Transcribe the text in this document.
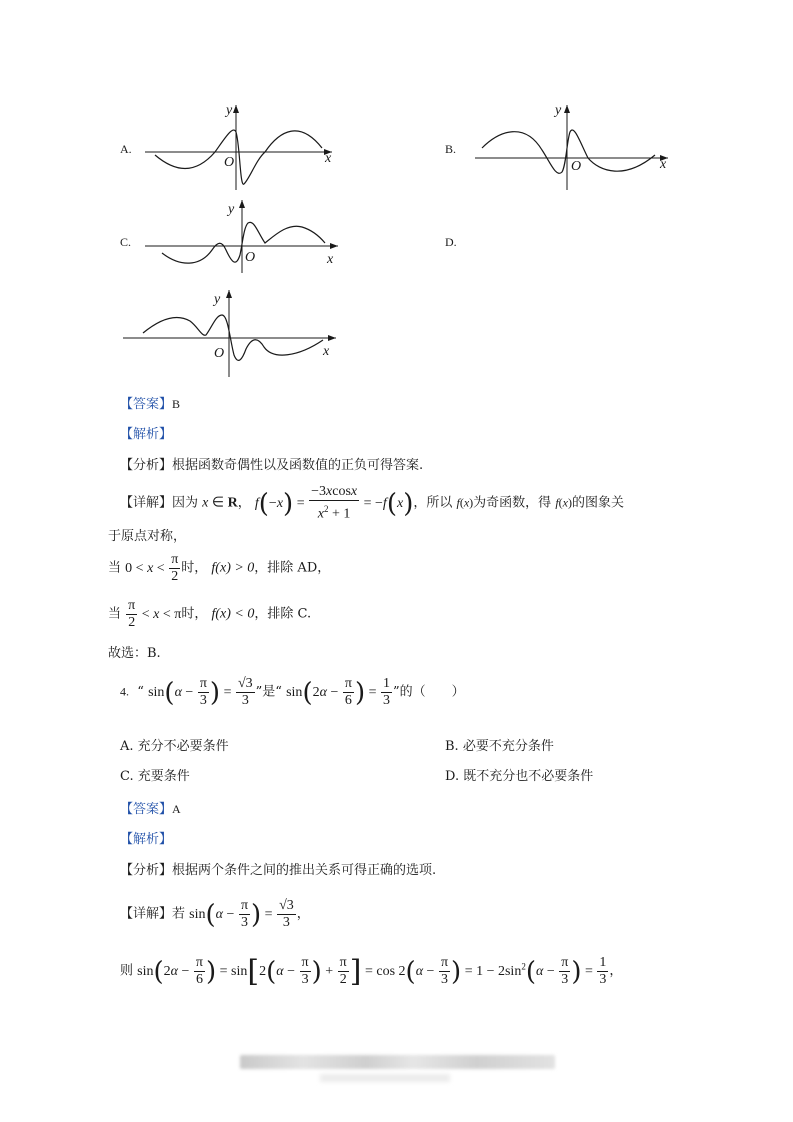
A.
y
x
O
B.
y
x
O
C.
y
x
O
D.
y
x
O
【答案】B
【解析】
【分析】根据函数奇偶性以及函数值的正负可得答案.
【详解】因为 x ∈ R， $f(-x) = \frac{-3xcosx}{x^2 + 1} = -f(x)$，所以 f(x)为奇函数，得 f(x)的图象关
于原点对称，
当 $0 < x < \frac{\pi}{2}$ 时， f(x) > 0，排除 AD，
当 $\frac{\pi}{2} < x < \pi$时， f(x) < 0，排除 C.
故选：B.
4. “ $\sin(\alpha - \frac{\pi}{3}$ ) = $\frac{√3}{3}$ ”是“ $\sin(2\alpha - \frac{\pi}{6}$ ) = $\frac{1}{3}$ ”的（　　）
A. 充分不必要条件	B. 必要不充分条件
C. 充要条件	D. 既不充分也不必要条件
【答案】A
【解析】
【分析】根据两个条件之间的推出关系可得正确的选项.
【详解】若 $\sin(\alpha - \frac{\pi}{3}$ ) = $\frac{√3}{3}$ ，
则 $\sin(2\alpha - \frac{\pi}{6}$ ) = $\sin[2(\alpha - \frac{\pi}{3}$ ) + $\frac{\pi}{2}$ ] = $\cos 2(\alpha - \frac{\pi}{3}$ ) = $1 - 2\sin^2(\alpha - \frac{\pi}{3}$ ) = $\frac{1}{3}$ ，
